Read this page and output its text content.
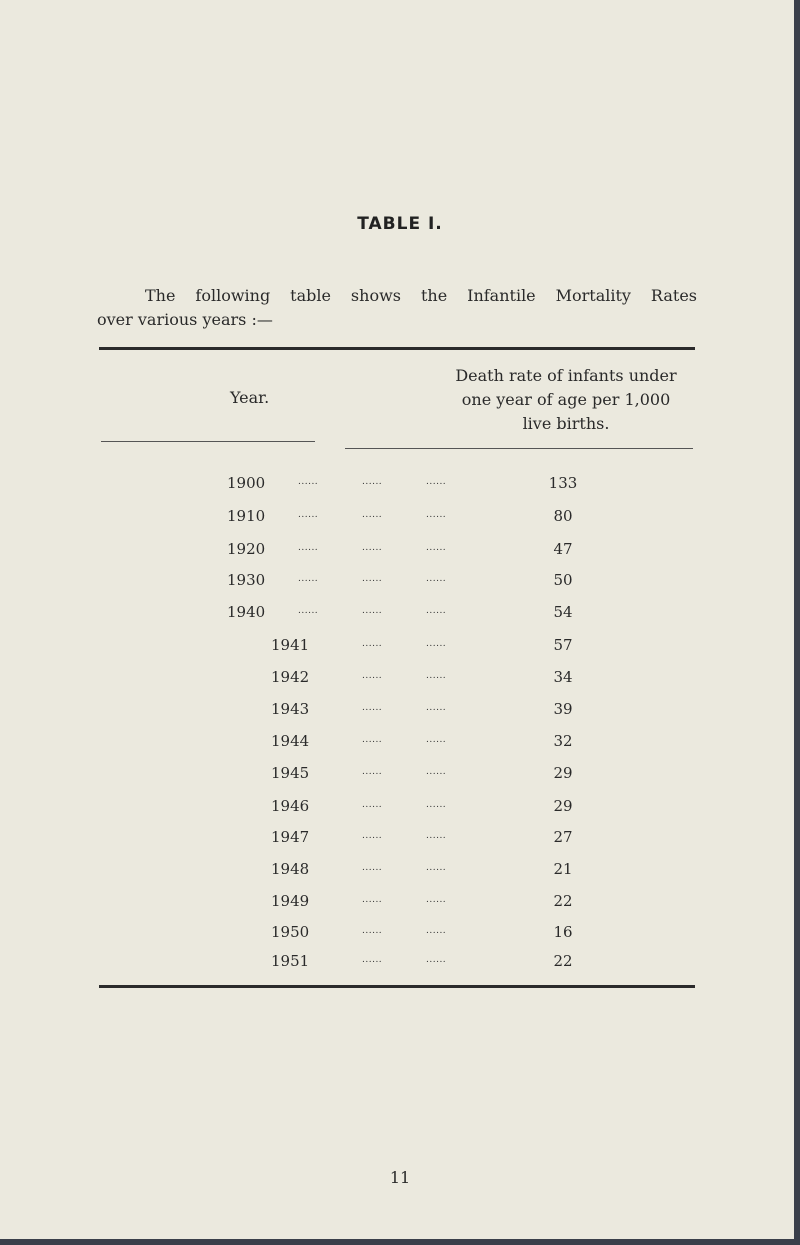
TABLE I.
The following table shows the Infantile Mortality Rates
over various years :—
Year.
Death rate of infants under
one year of age per 1,000
live births.
1900	......	......	......	133
1910	......	......	......	80
1920	......	......	......	47
1930	......	......	......	50
1940	......	......	......	54
1941	......	......	57
1942	......	......	34
1943	......	......	39
1944	......	......	32
1945	......	......	29
1946	......	......	29
1947	......	......	27
1948	......	......	21
1949	......	......	22
1950	......	......	16
1951	......	......	22
11
